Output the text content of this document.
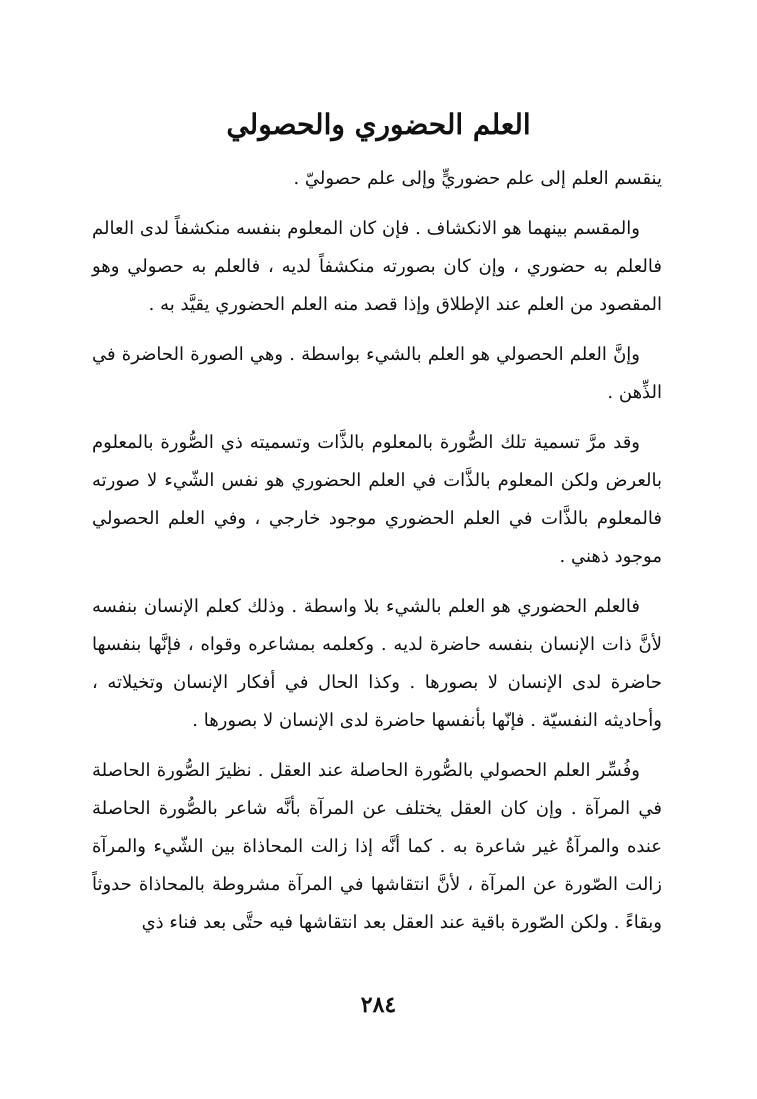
العلم الحضوري والحصولي

ينقسم العلم إلى علم حضوريٍّ وإلى علم حصوليّ .

والمقسم بينهما هو الانكشاف . فإن كان المعلوم بنفسه منكشفاً لدى العالم فالعلم به حضوري ، وإن كان بصورته منكشفاً لديه ، فالعلم به حصولي وهو المقصود من العلم عند الإطلاق وإذا قصد منه العلم الحضوري يقيَّد به .

وإنَّ العلم الحصولي هو العلم بالشيء بواسطة . وهي الصورة الحاضرة في الذِّهن .

وقد مرَّ تسمية تلك الصُّورة بالمعلوم بالذَّات وتسميته ذي الصُّورة بالمعلوم بالعرض ولكن المعلوم بالذَّات في العلم الحضوري هو نفس الشّيء لا صورته فالمعلوم بالذَّات في العلم الحضوري موجود خارجي ، وفي العلم الحصولي موجود ذهني .

فالعلم الحضوري هو العلم بالشيء بلا واسطة . وذلك كعلم الإنسان بنفسه لأنَّ ذات الإنسان بنفسه حاضرة لديه . وكعلمه بمشاعره وقواه ، فإنَّها بنفسها حاضرة لدى الإنسان لا بصورها . وكذا الحال في أفكار الإنسان وتخيلاته ، وأحاديثه النفسيّة . فإنّها بأنفسها حاضرة لدى الإنسان لا بصورها .

وفُسِّر العلم الحصولي بالصُّورة الحاصلة عند العقل . نظيرَ الصُّورة الحاصلة في المرآة . وإن كان العقل يختلف عن المرآة بأنَّه شاعر بالصُّورة الحاصلة عنده والمرآةُ غير شاعرة به . كما أنَّه إذا زالت المحاذاة بين الشّيء والمرآة زالت الصّورة عن المرآة ، لأنَّ انتقاشها في المرآة مشروطة بالمحاذاة حدوثاً وبقاءً . ولكن الصّورة باقية عند العقل بعد انتقاشها فيه حتَّى بعد فناء ذي

٢٨٤
